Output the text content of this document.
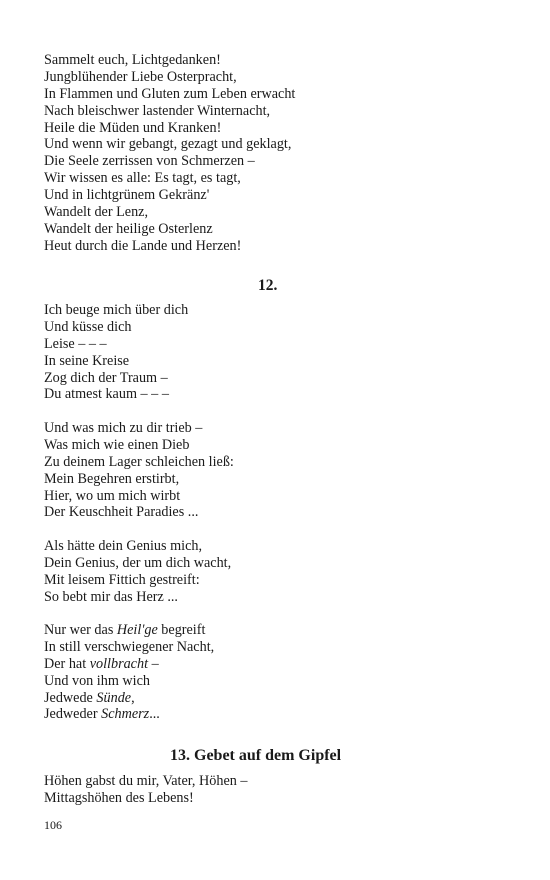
Sammelt euch, Lichtgedanken!
Jungblühender Liebe Osterpracht,
In Flammen und Gluten zum Leben erwacht
Nach bleischwer lastender Winternacht,
Heile die Müden und Kranken!
Und wenn wir gebangt, gezagt und geklagt,
Die Seele zerrissen von Schmerzen –
Wir wissen es alle: Es tagt, es tagt,
Und in lichtgrünem Gekränz'
Wandelt der Lenz,
Wandelt der heilige Osterlenz
Heut durch die Lande und Herzen!
12.
Ich beuge mich über dich
Und küsse dich
Leise – – –
In seine Kreise
Zog dich der Traum –
Du atmest kaum – – –
Und was mich zu dir trieb –
Was mich wie einen Dieb
Zu deinem Lager schleichen ließ:
Mein Begehren erstirbt,
Hier, wo um mich wirbt
Der Keuschheit Paradies ...
Als hätte dein Genius mich,
Dein Genius, der um dich wacht,
Mit leisem Fittich gestreift:
So bebt mir das Herz ...
Nur wer das Heil'ge begreift
In still verschwiegener Nacht,
Der hat vollbracht –
Und von ihm wich
Jedwede Sünde,
Jedweder Schmerz...
13. Gebet auf dem Gipfel
Höhen gabst du mir, Vater, Höhen –
Mittagshöhen des Lebens!
106
